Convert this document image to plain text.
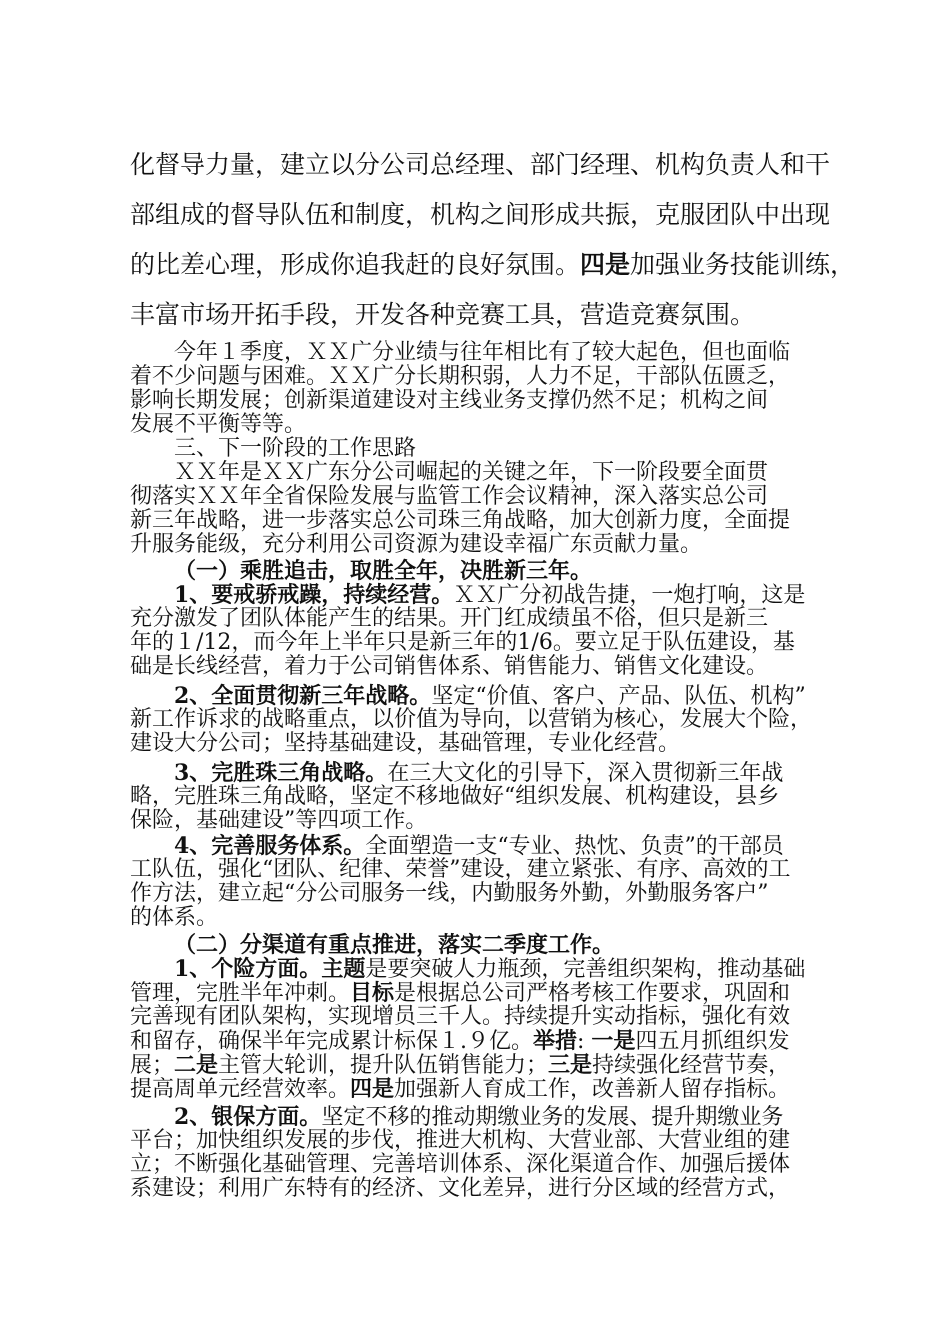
化督导力量，建立以分公司总经理、部门经理、机构负责人和干
部组成的督导队伍和制度，机构之间形成共振，克服团队中出现
的比差心理，形成你追我赶的良好氛围。四是加强业务技能训练，
丰富市场开拓手段，开发各种竞赛工具，营造竞赛氛围。
今年１季度，ＸＸ广分业绩与往年相比有了较大起色，但也面临
着不少问题与困难。ＸＸ广分长期积弱，人力不足，干部队伍匮乏，
影响长期发展；创新渠道建设对主线业务支撑仍然不足；机构之间
发展不平衡等等。
三、下一阶段的工作思路
ＸＸ年是ＸＸ广东分公司崛起的关键之年，下一阶段要全面贯
彻落实ＸＸ年全省保险发展与监管工作会议精神，深入落实总公司
新三年战略，进一步落实总公司珠三角战略，加大创新力度，全面提
升服务能级，充分利用公司资源为建设幸福广东贡献力量。
（一）乘胜追击，取胜全年，决胜新三年。
1、要戒骄戒躁，持续经营。ＸＸ广分初战告捷，一炮打响，这是
充分激发了团队体能产生的结果。开门红成绩虽不俗，但只是新三
年的１/12，而今年上半年只是新三年的1/6。要立足于队伍建设，基
础是长线经营，着力于公司销售体系、销售能力、销售文化建设。
2、全面贯彻新三年战略。坚定“价值、客户、产品、队伍、机构”
新工作诉求的战略重点，以价值为导向，以营销为核心，发展大个险，
建设大分公司；坚持基础建设，基础管理，专业化经营。
3、完胜珠三角战略。在三大文化的引导下，深入贯彻新三年战
略，完胜珠三角战略，坚定不移地做好“组织发展、机构建设，县乡
保险，基础建设”等四项工作。
4、完善服务体系。全面塑造一支“专业、热忱、负责”的干部员
工队伍，强化“团队、纪律、荣誉”建设，建立紧张、有序、高效的工
作方法，建立起“分公司服务一线，内勤服务外勤，外勤服务客户”
的体系。
（二）分渠道有重点推进，落实二季度工作。
1、个险方面。主题是要突破人力瓶颈，完善组织架构，推动基础
管理，完胜半年冲刺。目标是根据总公司严格考核工作要求，巩固和
完善现有团队架构，实现增员三千人。持续提升实动指标，强化有效
和留存，确保半年完成累计标保１.９亿。举措: 一是四五月抓组织发
展；二是主管大轮训，提升队伍销售能力；三是持续强化经营节奏，
提高周单元经营效率。四是加强新人育成工作，改善新人留存指标。
2、银保方面。坚定不移的推动期缴业务的发展、提升期缴业务
平台；加快组织发展的步伐，推进大机构、大营业部、大营业组的建
立；不断强化基础管理、完善培训体系、深化渠道合作、加强后援体
系建设；利用广东特有的经济、文化差异，进行分区域的经营方式，
